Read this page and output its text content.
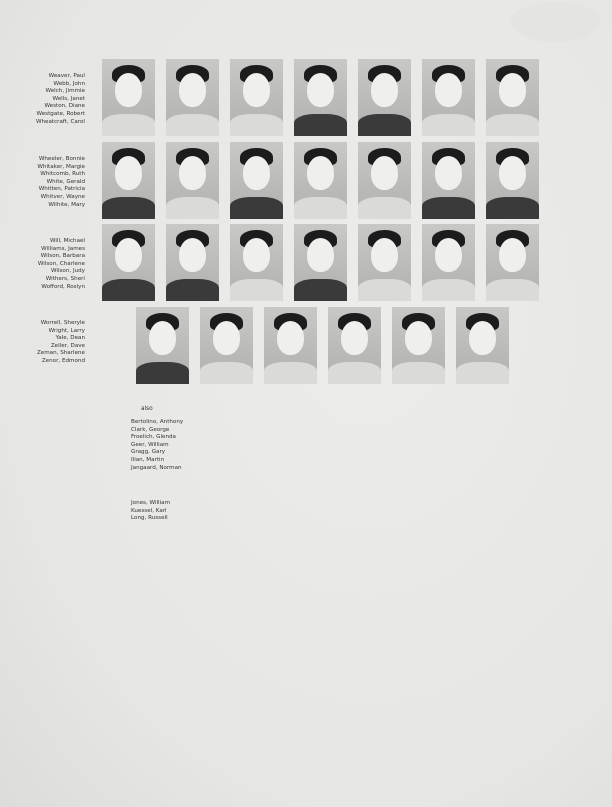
Weaver, Paul
Webb, John
Welch, Jimmie
Wells, Janet
Weston, Diane
Westgate, Robert
Wheatcraft, Carol
Wheeler, Bonnie
Whitaker, Margie
Whitcomb, Ruth
White, Gerald
Whitten, Patricia
Whitver, Wayne
Wilhite, Mary
Will, Michael
Williams, James
Wilson, Barbara
Wilson, Charlene
Wilson, Judy
Withers, Sheri
Wofford, Roslyn
Worrell, Sheryle
Wright, Larry
Yale, Dean
Zeller, Dave
Zeman, Sharlene
Zenor, Edmond
also
Bertolino, Anthony
Clark, George
Froelich, Glenda
Geer, William
Gragg, Gary
Ilian, Martin
Jangaard, Norman
Jones, William
Kuessel, Karl
Long, Russell
